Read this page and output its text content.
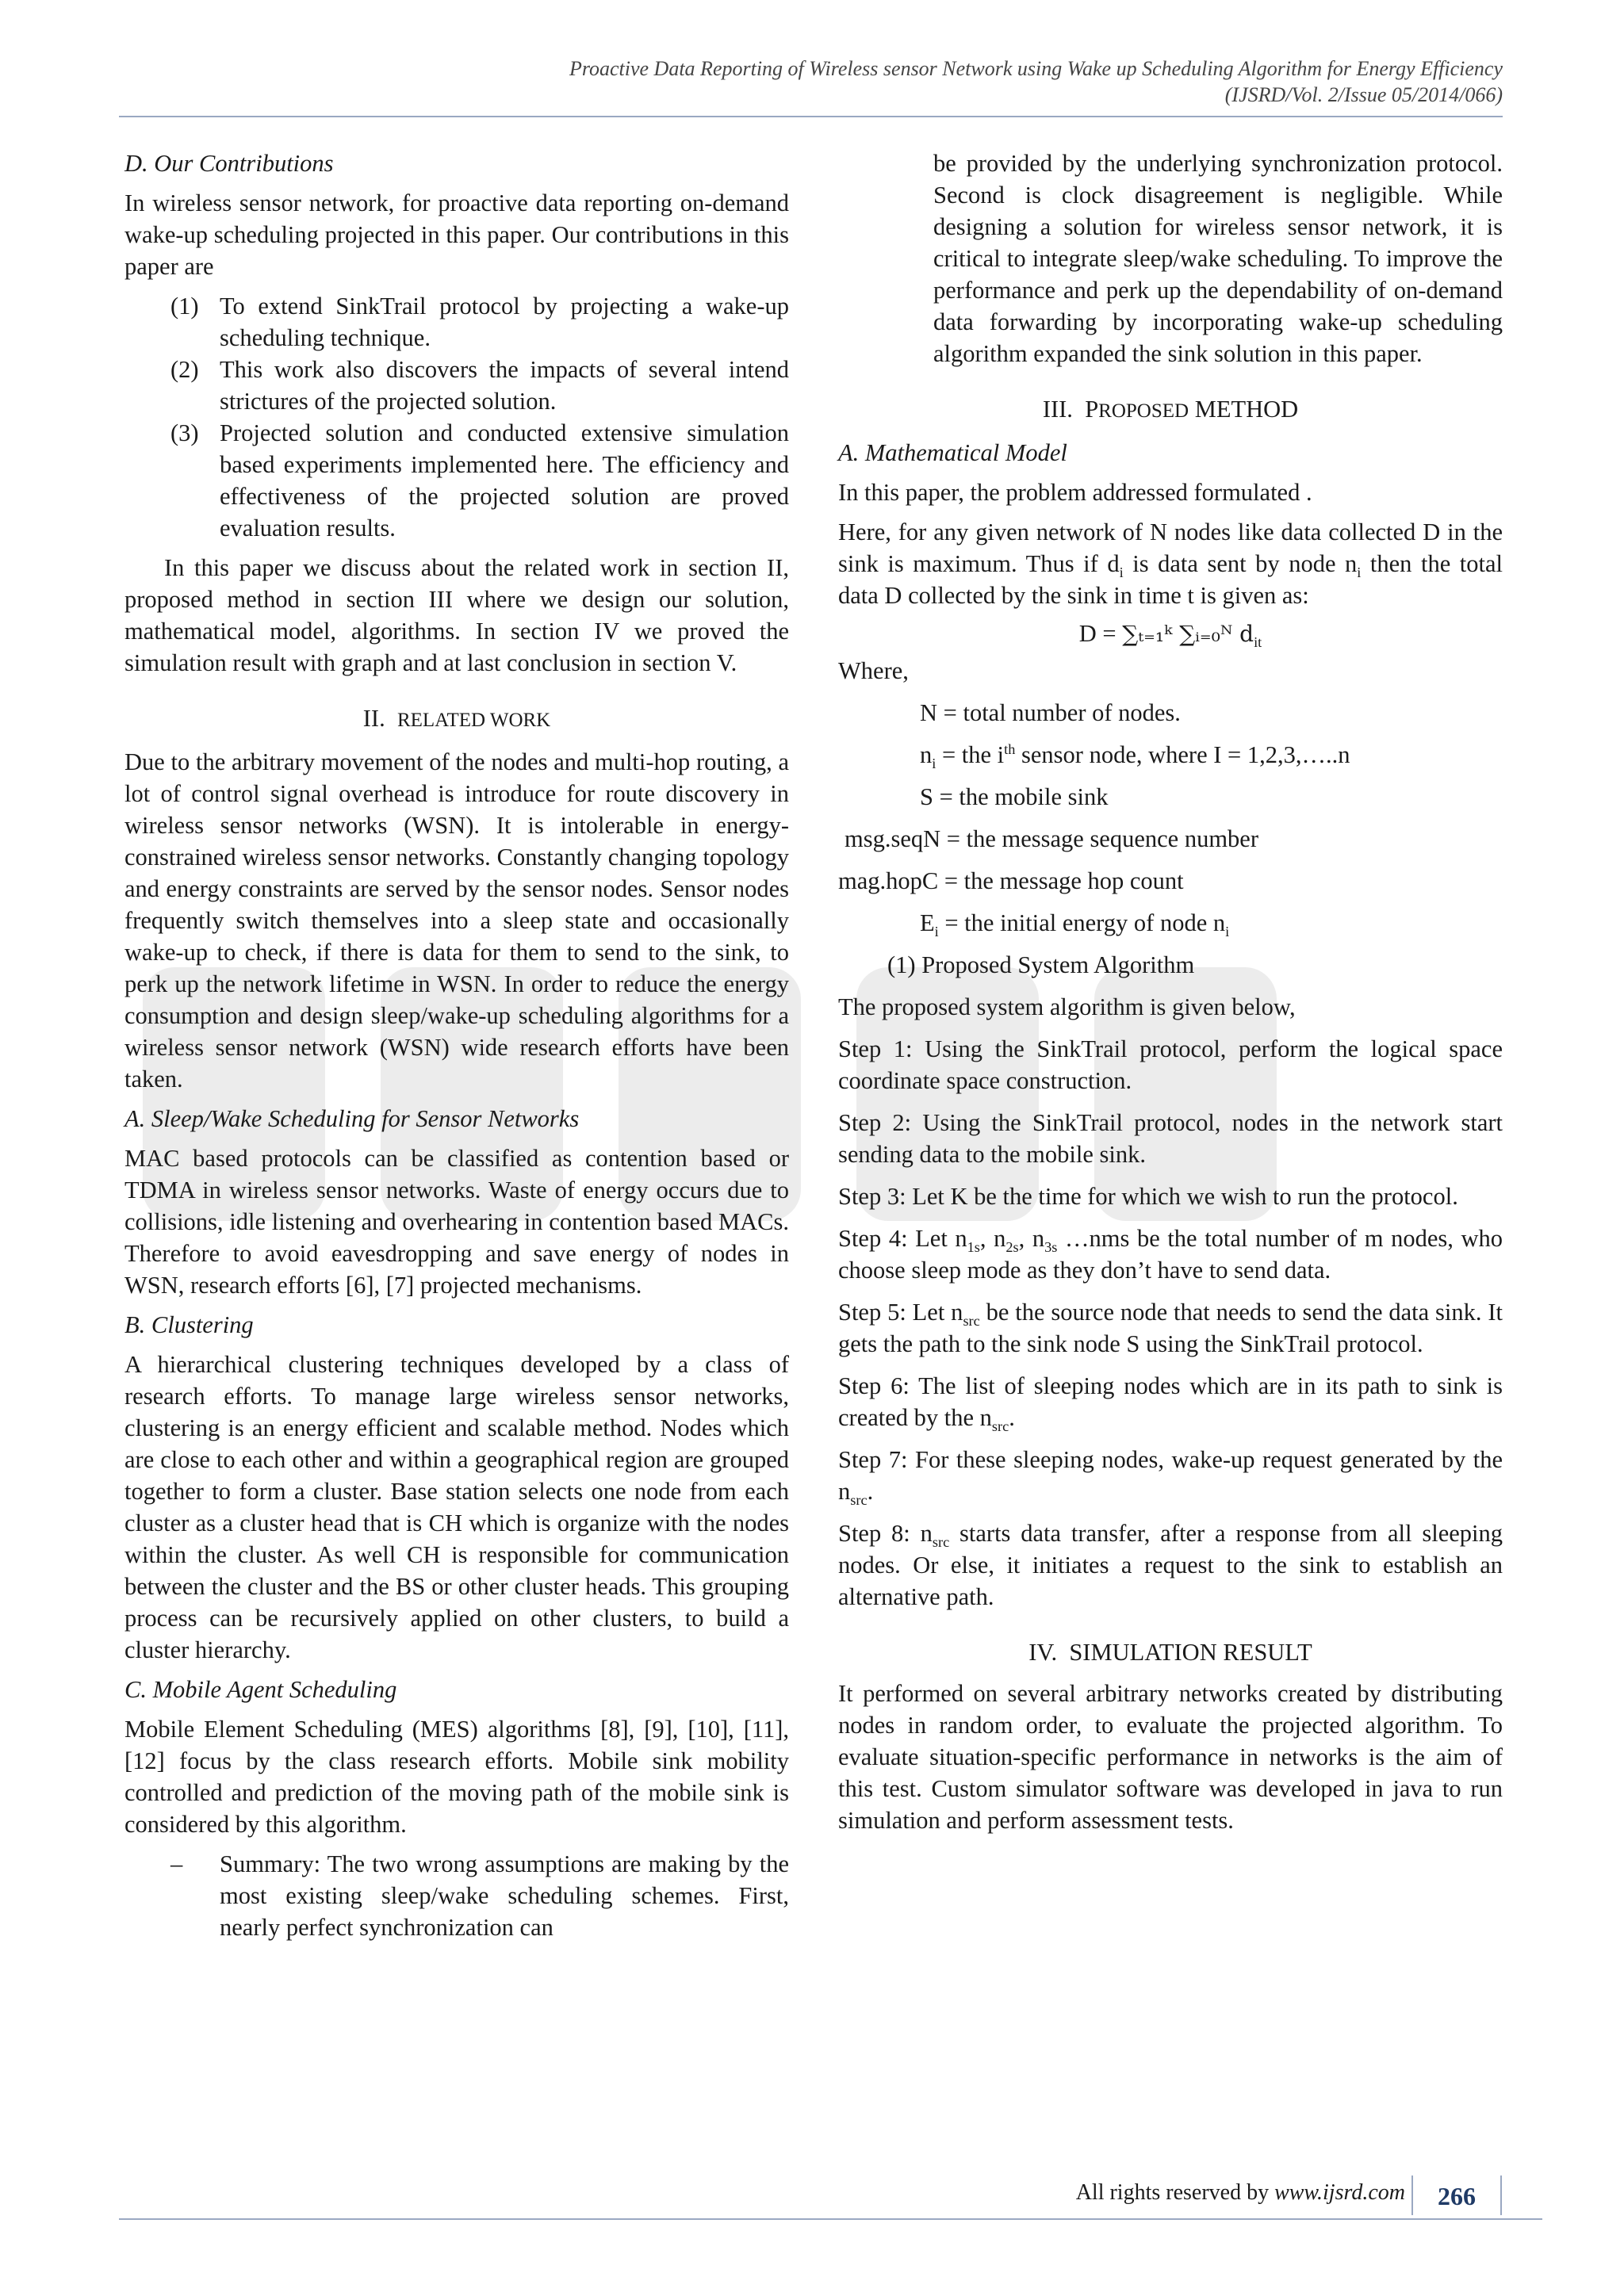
Proactive Data Reporting of Wireless sensor Network using Wake up Scheduling Algorithm for Energy Efficiency
(IJSRD/Vol. 2/Issue 05/2014/066)

D. Our Contributions

In wireless sensor network, for proactive data reporting on-demand wake-up scheduling projected in this paper. Our contributions in this paper are

(1) To extend SinkTrail protocol by projecting a wake-up scheduling technique.
(2) This work also discovers the impacts of several intend strictures of the projected solution.
(3) Projected solution and conducted extensive simulation based experiments implemented here. The efficiency and effectiveness of the projected solution are proved evaluation results.

In this paper we discuss about the related work in section II, proposed method in section III where we design our solution, mathematical model, algorithms. In section IV we proved the simulation result with graph and at last conclusion in section V.

II. RELATED WORK

Due to the arbitrary movement of the nodes and multi-hop routing, a lot of control signal overhead is introduce for route discovery in wireless sensor networks (WSN). It is intolerable in energy-constrained wireless sensor networks. Constantly changing topology and energy constraints are served by the sensor nodes. Sensor nodes frequently switch themselves into a sleep state and occasionally wake-up to check, if there is data for them to send to the sink, to perk up the network lifetime in WSN. In order to reduce the energy consumption and design sleep/wake-up scheduling algorithms for a wireless sensor network (WSN) wide research efforts have been taken.

A. Sleep/Wake Scheduling for Sensor Networks

MAC based protocols can be classified as contention based or TDMA in wireless sensor networks. Waste of energy occurs due to collisions, idle listening and overhearing in contention based MACs. Therefore to avoid eavesdropping and save energy of nodes in WSN, research efforts [6], [7] projected mechanisms.

B. Clustering

A hierarchical clustering techniques developed by a class of research efforts. To manage large wireless sensor networks, clustering is an energy efficient and scalable method. Nodes which are close to each other and within a geographical region are grouped together to form a cluster. Base station selects one node from each cluster as a cluster head that is CH which is organize with the nodes within the cluster. As well CH is responsible for communication between the cluster and the BS or other cluster heads. This grouping process can be recursively applied on other clusters, to build a cluster hierarchy.

C. Mobile Agent Scheduling

Mobile Element Scheduling (MES) algorithms [8], [9], [10], [11], [12] focus by the class research efforts. Mobile sink mobility controlled and prediction of the moving path of the mobile sink is considered by this algorithm.

–	Summary: The two wrong assumptions are making by the most existing sleep/wake scheduling schemes. First, nearly perfect synchronization can

be provided by the underlying synchronization protocol. Second is clock disagreement is negligible. While designing a solution for wireless sensor network, it is critical to integrate sleep/wake scheduling. To improve the performance and perk up the dependability of on-demand data forwarding by incorporating wake-up scheduling algorithm expanded the sink solution in this paper.

III. PROPOSED METHOD

A. Mathematical Model

In this paper, the problem addressed formulated .

Here, for any given network of N nodes like data collected D in the sink is maximum. Thus if $d_i$ is data sent by node $n_i$ then the total data D collected by the sink in time t is given as:

D = ∑ₜ₌₁ᵏ ∑ᵢ₌₀ᴺ $d_{it}$

Where,

N = total number of nodes.

$n_i$ = the $i^{th}$ sensor node, where I = 1,2,3,…..n

S = the mobile sink

msg.seqN = the message sequence number

mag.hopC = the message hop count

$E_i$ = the initial energy of node $n_i$

(1) Proposed System Algorithm

The proposed system algorithm is given below,

Step 1: Using the SinkTrail protocol, perform the logical space coordinate space construction.

Step 2: Using the SinkTrail protocol, nodes in the network start sending data to the mobile sink.

Step 3: Let K be the time for which we wish to run the protocol.

Step 4: Let $n_{1s}$, $n_{2s}$, $n_{3s}$ …nms be the total number of m nodes, who choose sleep mode as they don’t have to send data.

Step 5: Let $n_{src}$ be the source node that needs to send the data sink. It gets the path to the sink node S using the SinkTrail protocol.

Step 6: The list of sleeping nodes which are in its path to sink is created by the $n_{src}$.

Step 7: For these sleeping nodes, wake-up request generated by the $n_{src}$.

Step 8: $n_{src}$ starts data transfer, after a response from all sleeping nodes. Or else, it initiates a request to the sink to establish an alternative path.

IV. SIMULATION RESULT

It performed on several arbitrary networks created by distributing nodes in random order, to evaluate the projected algorithm. To evaluate situation-specific performance in networks is the aim of this test. Custom simulator software was developed in java to run simulation and perform assessment tests.

All rights reserved by www.ijsrd.com	266
